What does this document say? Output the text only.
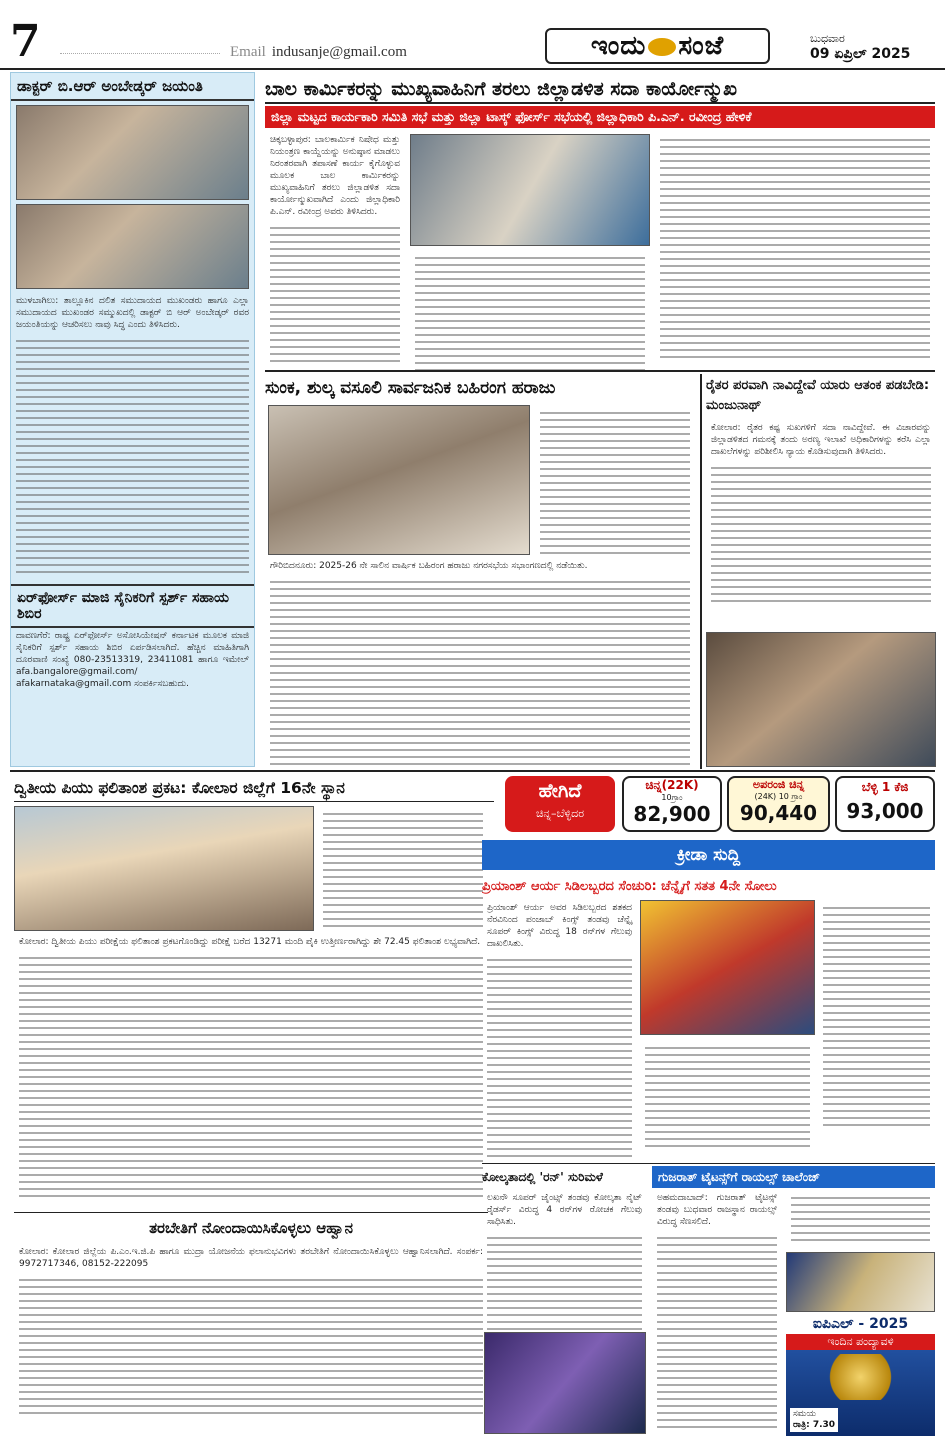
7	Email indusanje@gmail.com	ಇಂದು ಸಂಜೆ	ಬುಧವಾರ
09 ಏಪ್ರಿಲ್ 2025
ಡಾಕ್ಟರ್ ಬಿ.ಆರ್ ಅಂಬೇಡ್ಕರ್ ಜಯಂತಿ
ಮುಳಬಾಗಿಲು: ತಾಲ್ಲೂಕಿನ ದಲಿತ ಸಮುದಾಯದ ಮುಖಂಡರು ಹಾಗೂ ಎಲ್ಲಾ ಸಮುದಾಯದ ಮುಖಂಡರ ಸಮ್ಮುಖದಲ್ಲಿ ಡಾಕ್ಟರ್ ಬಿ ಆರ್ ಅಂಬೇಡ್ಕರ್ ರವರ ಜಯಂತಿಯನ್ನು ಆಚರಿಸಲು ನಾವು ಸಿದ್ಧ ಎಂದು ತಿಳಿಸಿದರು.
ಏರ್‌ಫೋರ್ಸ್ ಮಾಜಿ ಸೈನಿಕರಿಗೆ ಸ್ಪರ್ಶ್ ಸಹಾಯ ಶಿಬಿರ
ದಾವಣಗೆರೆ: ರಾಷ್ಟ್ರ ಏರ್‌ಫೋರ್ಸ್ ಅಸೋಸಿಯೇಷನ್ ಕರ್ನಾಟಕ ಮೂಲಕ ಮಾಜಿ ಸೈನಿಕರಿಗೆ ಸ್ಪರ್ಶ್ ಸಹಾಯ ಶಿಬಿರ ಏರ್ಪಡಿಸಲಾಗಿದೆ. ಹೆಚ್ಚಿನ ಮಾಹಿತಿಗಾಗಿ ದೂರವಾಣಿ ಸಂಖ್ಯೆ 080-23513319, 23411081 ಹಾಗೂ ಇಮೇಲ್ afa.bangalore@gmail.com/ afakarnataka@gmail.com ಸಂಪರ್ಕಿಸಬಹುದು.
ಬಾಲ ಕಾರ್ಮಿಕರನ್ನು ಮುಖ್ಯವಾಹಿನಿಗೆ ತರಲು ಜಿಲ್ಲಾಡಳಿತ ಸದಾ ಕಾರ್ಯೋನ್ಮುಖ
ಜಿಲ್ಲಾ ಮಟ್ಟದ ಕಾರ್ಯಕಾರಿ ಸಮಿತಿ ಸಭೆ ಮತ್ತು ಜಿಲ್ಲಾ ಟಾಸ್ಕ್ ಫೋರ್ಸ್ ಸಭೆಯಲ್ಲಿ ಜಿಲ್ಲಾಧಿಕಾರಿ ಪಿ.ಎನ್. ರವೀಂದ್ರ ಹೇಳಿಕೆ
ಚಿಕ್ಕಬಳ್ಳಾಪುರ: ಬಾಲಕಾರ್ಮಿಕ ನಿಷೇಧ ಮತ್ತು ನಿಯಂತ್ರಣ ಕಾಯ್ದೆಯನ್ನು ಅನುಷ್ಠಾನ ಮಾಡಲು ನಿರಂತರವಾಗಿ ತಪಾಸಣೆ ಕಾರ್ಯ ಕೈಗೊಳ್ಳುವ ಮೂಲಕ ಬಾಲ ಕಾರ್ಮಿಕರನ್ನು ಮುಖ್ಯವಾಹಿನಿಗೆ ತರಲು ಜಿಲ್ಲಾಡಳಿತ ಸದಾ ಕಾರ್ಯೋನ್ಮುಖವಾಗಿದೆ ಎಂದು ಜಿಲ್ಲಾಧಿಕಾರಿ ಪಿ.ಎನ್. ರವೀಂದ್ರ ಅವರು ತಿಳಿಸಿದರು.
ಸುಂಕ, ಶುಲ್ಕ ವಸೂಲಿ ಸಾರ್ವಜನಿಕ ಬಹಿರಂಗ ಹರಾಜು
ಗೌರಿಬಿದನೂರು: 2025-26 ನೇ ಸಾಲಿನ ವಾರ್ಷಿಕ ಬಹಿರಂಗ ಹರಾಜು ನಗರಸಭೆಯ ಸಭಾಂಗಣದಲ್ಲಿ ನಡೆಯಿತು.
ರೈತರ ಪರವಾಗಿ ನಾವಿದ್ದೇವೆ ಯಾರು ಆತಂಕ ಪಡಬೇಡಿ: ಮಂಜುನಾಥ್
ಕೋಲಾರ: ರೈತರ ಕಷ್ಟ ಸುಖಗಳಿಗೆ ಸದಾ ನಾವಿದ್ದೇವೆ. ಈ ವಿಚಾರವನ್ನು ಜಿಲ್ಲಾಡಳಿತದ ಗಮನಕ್ಕೆ ತಂದು ಅರಣ್ಯ ಇಲಾಖೆ ಅಧಿಕಾರಿಗಳನ್ನು ಕರೆಸಿ ಎಲ್ಲಾ ದಾಖಲೆಗಳನ್ನು ಪರಿಶೀಲಿಸಿ ನ್ಯಾಯ ಕೊಡಿಸುವುದಾಗಿ ತಿಳಿಸಿದರು.
ದ್ವಿತೀಯ ಪಿಯು ಫಲಿತಾಂಶ ಪ್ರಕಟ: ಕೋಲಾರ ಜಿಲ್ಲೆಗೆ 16ನೇ ಸ್ಥಾನ
ಕೋಲಾರ: ದ್ವಿತೀಯ ಪಿಯು ಪರೀಕ್ಷೆಯ ಫಲಿತಾಂಶ ಪ್ರಕಟಗೊಂಡಿದ್ದು ಪರೀಕ್ಷೆ ಬರೆದ 13271 ಮಂದಿ ಪೈಕಿ ಉತ್ತೀರ್ಣರಾಗಿದ್ದು ಶೇ 72.45 ಫಲಿತಾಂಶ ಲಭ್ಯವಾಗಿದೆ.
ತರಬೇತಿಗೆ ನೋಂದಾಯಿಸಿಕೊಳ್ಳಲು ಆಹ್ವಾನ
ಕೋಲಾರ: ಕೋಲಾರ ಜಿಲ್ಲೆಯ ಪಿ.ಎಂ.ಇ.ಜಿ.ಪಿ ಹಾಗೂ ಮುದ್ರಾ ಯೋಜನೆಯ ಫಲಾನುಭವಿಗಳು ತರಬೇತಿಗೆ ನೋಂದಾಯಿಸಿಕೊಳ್ಳಲು ಆಹ್ವಾನಿಸಲಾಗಿದೆ. ಸಂಪರ್ಕ: 9972717346, 08152-222095
ಹೇಗಿದೆ
ಚಿನ್ನ–ಬೆಳ್ಳಿದರ
ಚಿನ್ನ(22K)
10ಗ್ರಾಂ
82,900
ಅಪರಂಜಿ ಚಿನ್ನ
(24K) 10 ಗ್ರಾಂ
90,440
ಬೆಳ್ಳಿ 1 ಕೆಜಿ
93,000
ಕ್ರೀಡಾ ಸುದ್ದಿ
ಪ್ರಿಯಾಂಶ್ ಆರ್ಯ ಸಿಡಿಲಬ್ಬರದ ಸೆಂಚುರಿ: ಚೆನ್ನೈಗೆ ಸತತ 4ನೇ ಸೋಲು
ಪ್ರಿಯಾಂಶ್ ಆರ್ಯ ಅವರ ಸಿಡಿಲಬ್ಬರದ ಶತಕದ ನೆರವಿನಿಂದ ಪಂಜಾಬ್ ಕಿಂಗ್ಸ್ ತಂಡವು ಚೆನ್ನೈ ಸೂಪರ್ ಕಿಂಗ್ಸ್ ವಿರುದ್ಧ 18 ರನ್‌ಗಳ ಗೆಲುವು ದಾಖಲಿಸಿತು.
ಕೋಲ್ಕತಾದಲ್ಲಿ 'ರನ್' ಸುರಿಮಳೆ
ಲಖನೌ ಸೂಪರ್ ಜೈಂಟ್ಸ್ ತಂಡವು ಕೋಲ್ಕತಾ ನೈಟ್ ರೈಡರ್ಸ್ ವಿರುದ್ಧ 4 ರನ್‌ಗಳ ರೋಚಕ ಗೆಲುವು ಸಾಧಿಸಿತು.
ಗುಜರಾತ್ ಟೈಟನ್ಸ್‌ಗೆ ರಾಯಲ್ಸ್ ಚಾಲೆಂಜ್
ಅಹಮದಾಬಾದ್: ಗುಜರಾತ್ ಟೈಟನ್ಸ್ ತಂಡವು ಬುಧವಾರ ರಾಜಸ್ಥಾನ ರಾಯಲ್ಸ್ ವಿರುದ್ಧ ಸೆಣಸಲಿದೆ.
ಐಪಿಎಲ್ - 2025
ಇಂದಿನ ಪಂದ್ಯಾವಳಿ
ಸಮಯ
ರಾತ್ರಿ: 7.30
